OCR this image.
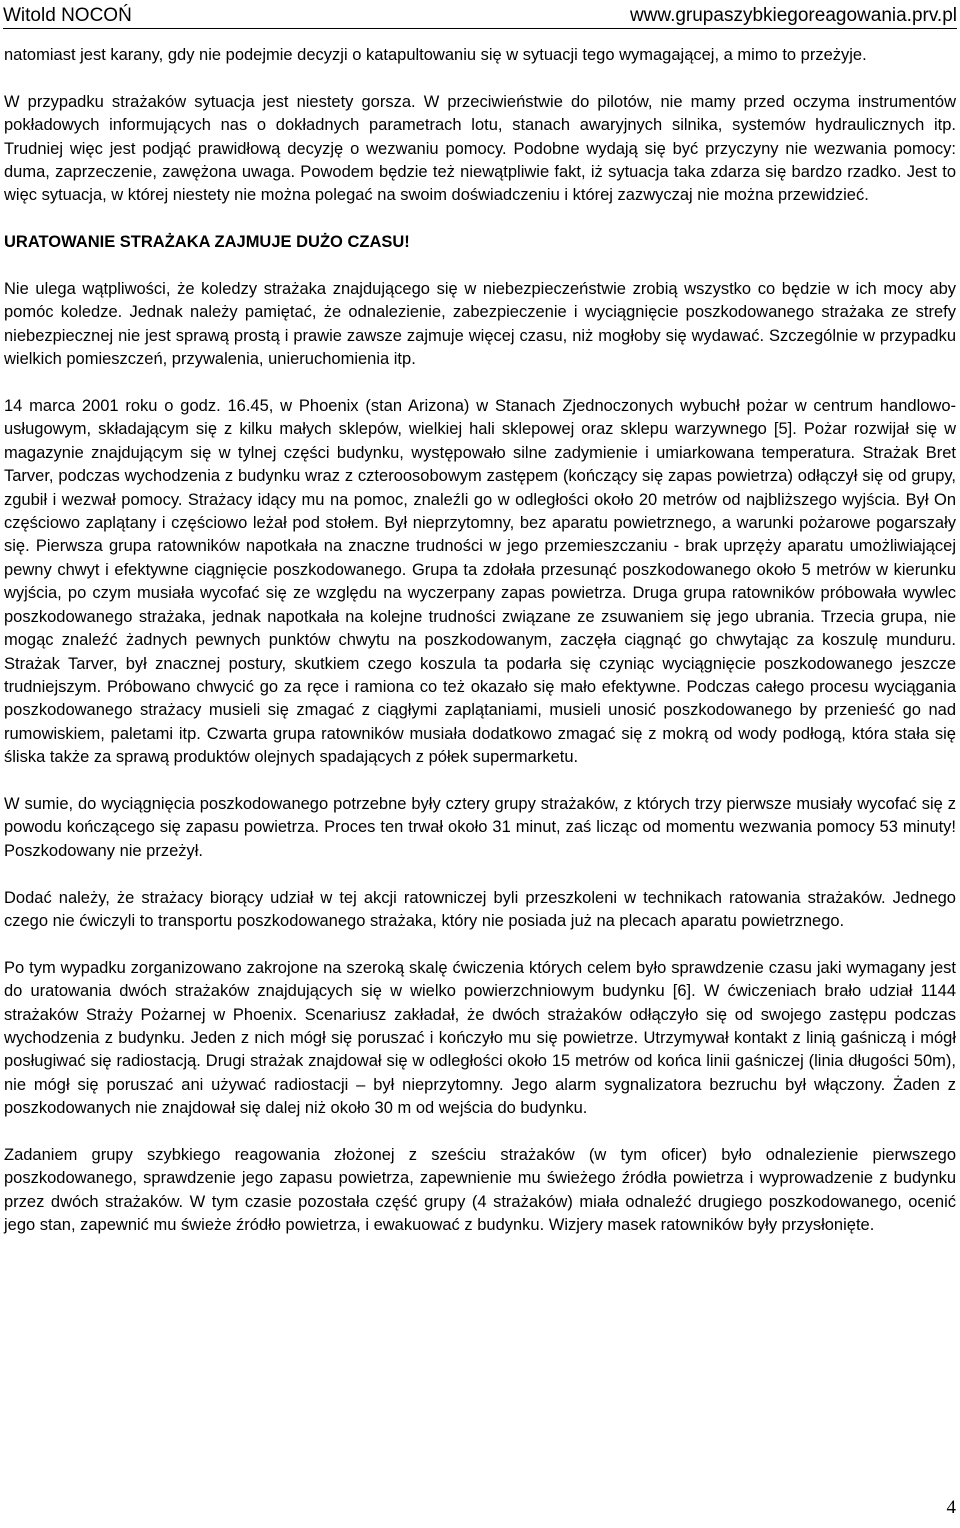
Witold NOCOŃ	www.grupaszybkiegoreagowania.prv.pl

natomiast jest karany, gdy nie podejmie decyzji o katapultowaniu się w sytuacji tego wymagającej, a mimo to przeżyje.

W przypadku strażaków sytuacja jest niestety gorsza. W przeciwieństwie do pilotów, nie mamy przed oczyma instrumentów pokładowych informujących nas o dokładnych parametrach lotu, stanach awaryjnych silnika, systemów hydraulicznych itp. Trudniej więc jest podjąć prawidłową decyzję o wezwaniu pomocy. Podobne wydają się być przyczyny nie wezwania pomocy: duma, zaprzeczenie, zawężona uwaga. Powodem będzie też niewątpliwie fakt, iż sytuacja taka zdarza się bardzo rzadko. Jest to więc sytuacja, w której niestety nie można polegać na swoim doświadczeniu i której zazwyczaj nie można przewidzieć.

URATOWANIE STRAŻAKA ZAJMUJE DUŻO CZASU!

Nie ulega wątpliwości, że koledzy strażaka znajdującego się w niebezpieczeństwie zrobią wszystko co będzie w ich mocy aby pomóc koledze. Jednak należy pamiętać, że odnalezienie, zabezpieczenie i wyciągnięcie poszkodowanego strażaka ze strefy niebezpiecznej nie jest sprawą prostą i prawie zawsze zajmuje więcej czasu, niż mogłoby się wydawać. Szczególnie w przypadku wielkich pomieszczeń, przywalenia, unieruchomienia itp.

14 marca 2001 roku o godz. 16.45, w Phoenix (stan Arizona) w Stanach Zjednoczonych wybuchł pożar w centrum handlowo-usługowym, składającym się z kilku małych sklepów, wielkiej hali sklepowej oraz sklepu warzywnego [5]. Pożar rozwijał się w magazynie znajdującym się w tylnej części budynku, występowało silne zadymienie i umiarkowana temperatura. Strażak Bret Tarver, podczas wychodzenia z budynku wraz z czteroosobowym zastępem (kończący się zapas powietrza) odłączył się od grupy, zgubił i wezwał pomocy. Strażacy idący mu na pomoc, znaleźli go w odległości około 20 metrów od najbliższego wyjścia. Był On częściowo zaplątany i częściowo leżał pod stołem. Był nieprzytomny, bez aparatu powietrznego, a warunki pożarowe pogarszały się. Pierwsza grupa ratowników napotkała na znaczne trudności w jego przemieszczaniu - brak uprzęży aparatu umożliwiającej pewny chwyt i efektywne ciągnięcie poszkodowanego. Grupa ta zdołała przesunąć poszkodowanego około 5 metrów w kierunku wyjścia, po czym musiała wycofać się ze względu na wyczerpany zapas powietrza. Druga grupa ratowników próbowała wywlec poszkodowanego strażaka, jednak napotkała na kolejne trudności związane ze zsuwaniem się jego ubrania. Trzecia grupa, nie mogąc znaleźć żadnych pewnych punktów chwytu na poszkodowanym, zaczęła ciągnąć go chwytając za koszulę munduru. Strażak Tarver, był znacznej postury, skutkiem czego koszula ta podarła się czyniąc wyciągnięcie poszkodowanego jeszcze trudniejszym. Próbowano chwycić go za ręce i ramiona co też okazało się mało efektywne. Podczas całego procesu wyciągania poszkodowanego strażacy musieli się zmagać z ciągłymi zaplątaniami, musieli unosić poszkodowanego by przenieść go nad rumowiskiem, paletami itp. Czwarta grupa ratowników musiała dodatkowo zmagać się z mokrą od wody podłogą, która stała się śliska także za sprawą produktów olejnych spadających z półek supermarketu.

W sumie, do wyciągnięcia poszkodowanego potrzebne były cztery grupy strażaków, z których trzy pierwsze musiały wycofać się z powodu kończącego się zapasu powietrza. Proces ten trwał około 31 minut, zaś licząc od momentu wezwania pomocy 53 minuty! Poszkodowany nie przeżył.

Dodać należy, że strażacy biorący udział w tej akcji ratowniczej byli przeszkoleni w technikach ratowania strażaków. Jednego czego nie ćwiczyli to transportu poszkodowanego strażaka, który nie posiada już na plecach aparatu powietrznego.

Po tym wypadku zorganizowano zakrojone na szeroką skalę ćwiczenia których celem było sprawdzenie czasu jaki wymagany jest do uratowania dwóch strażaków znajdujących się w wielko powierzchniowym budynku [6]. W ćwiczeniach brało udział 1144 strażaków Straży Pożarnej w Phoenix. Scenariusz zakładał, że dwóch strażaków odłączyło się od swojego zastępu podczas wychodzenia z budynku. Jeden z nich mógł się poruszać i kończyło mu się powietrze. Utrzymywał kontakt z linią gaśniczą i mógł posługiwać się radiostacją. Drugi strażak znajdował się w odległości około 15 metrów od końca linii gaśniczej (linia długości 50m), nie mógł się poruszać ani używać radiostacji – był nieprzytomny. Jego alarm sygnalizatora bezruchu był włączony. Żaden z poszkodowanych nie znajdował się dalej niż około 30 m od wejścia do budynku.

Zadaniem grupy szybkiego reagowania złożonej z sześciu strażaków (w tym oficer) było odnalezienie pierwszego poszkodowanego, sprawdzenie jego zapasu powietrza, zapewnienie mu świeżego źródła powietrza i wyprowadzenie z budynku przez dwóch strażaków. W tym czasie pozostała część grupy (4 strażaków) miała odnaleźć drugiego poszkodowanego, ocenić jego stan, zapewnić mu świeże źródło powietrza, i ewakuować z budynku. Wizjery masek ratowników były przysłonięte.

4
